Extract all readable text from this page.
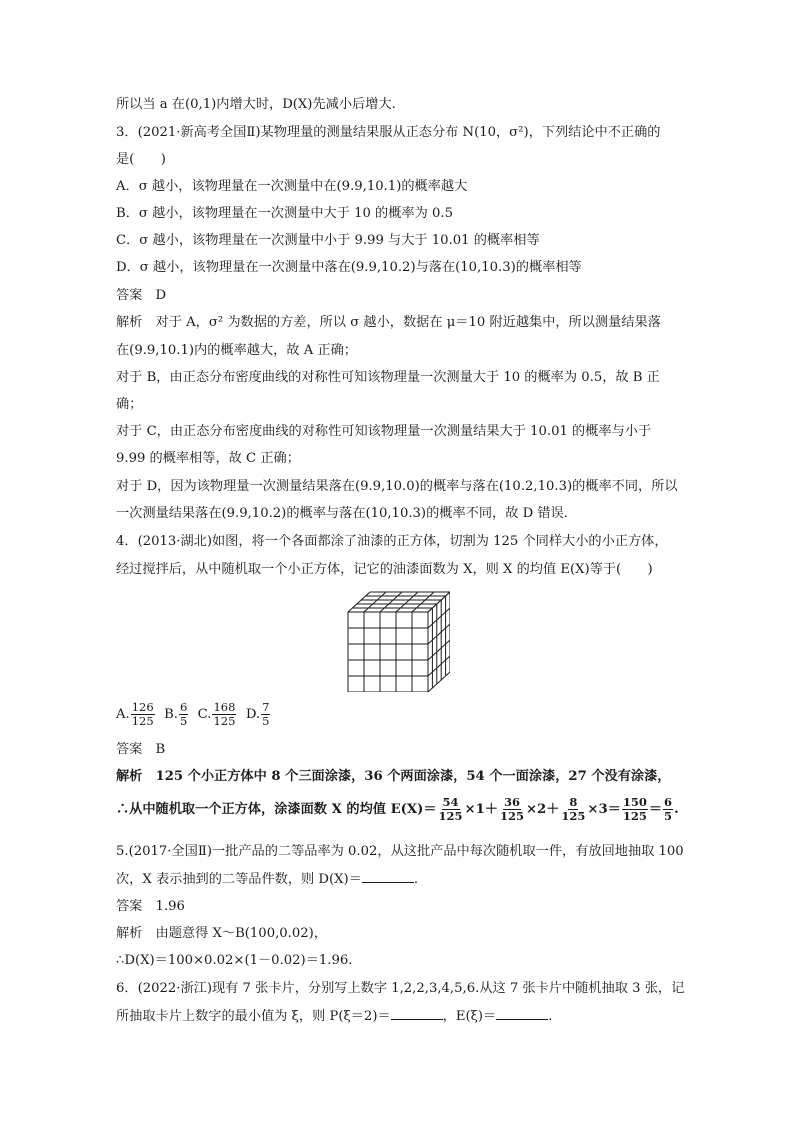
所以当 a 在(0,1)内增大时，D(X)先减小后增大.
3．(2021·新高考全国Ⅱ)某物理量的测量结果服从正态分布 N(10，σ²)，下列结论中不正确的
是(　　)
A．σ 越小，该物理量在一次测量中在(9.9,10.1)的概率越大
B．σ 越小，该物理量在一次测量中大于 10 的概率为 0.5
C．σ 越小，该物理量在一次测量中小于 9.99 与大于 10.01 的概率相等
D．σ 越小，该物理量在一次测量中落在(9.9,10.2)与落在(10,10.3)的概率相等
答案　D
解析　对于 A，σ² 为数据的方差，所以 σ 越小，数据在 μ＝10 附近越集中，所以测量结果落
在(9.9,10.1)内的概率越大，故 A 正确；
对于 B，由正态分布密度曲线的对称性可知该物理量一次测量大于 10 的概率为 0.5，故 B 正
确；
对于 C，由正态分布密度曲线的对称性可知该物理量一次测量结果大于 10.01 的概率与小于
9.99 的概率相等，故 C 正确；
对于 D，因为该物理量一次测量结果落在(9.9,10.0)的概率与落在(10.2,10.3)的概率不同，所以
一次测量结果落在(9.9,10.2)的概率与落在(10,10.3)的概率不同，故 D 错误.
4．(2013·湖北)如图，将一个各面都涂了油漆的正方体，切割为 125 个同样大小的小正方体，
经过搅拌后，从中随机取一个小正方体，记它的油漆面数为 X，则 X 的均值 E(X)等于(　　)
A. $\frac{126}{125} B$. $\frac{6}{5} C$. $\frac{168}{125} D$. $\frac{7}{5}$
答案　B
解析　125 个小正方体中 8 个三面涂漆，36 个两面涂漆，54 个一面涂漆，27 个没有涂漆，
∴从中随机取一个正方体，涂漆面数 X 的均值 $E(X)= \frac{54}{125} \times 1+ \frac{36}{125} \times 2+ \frac{8}{125} \times 3= \frac{150}{125} = \frac{6}{5}$ .
5.(2017·全国Ⅱ)一批产品的二等品率为 0.02，从这批产品中每次随机取一件，有放回地抽取 100
次，X 表示抽到的二等品件数，则 D(X)＝	.
答案　1.96
解析　由题意得 X～B(100,0.02)，
∴D(X)＝100×0.02×(1－0.02)＝1.96.
6．(2022·浙江)现有 7 张卡片，分别写上数字 1,2,2,3,4,5,6.从这 7 张卡片中随机抽取 3 张，记
所抽取卡片上数字的最小值为 ξ，则 P(ξ＝2)＝	，E(ξ)＝	.
